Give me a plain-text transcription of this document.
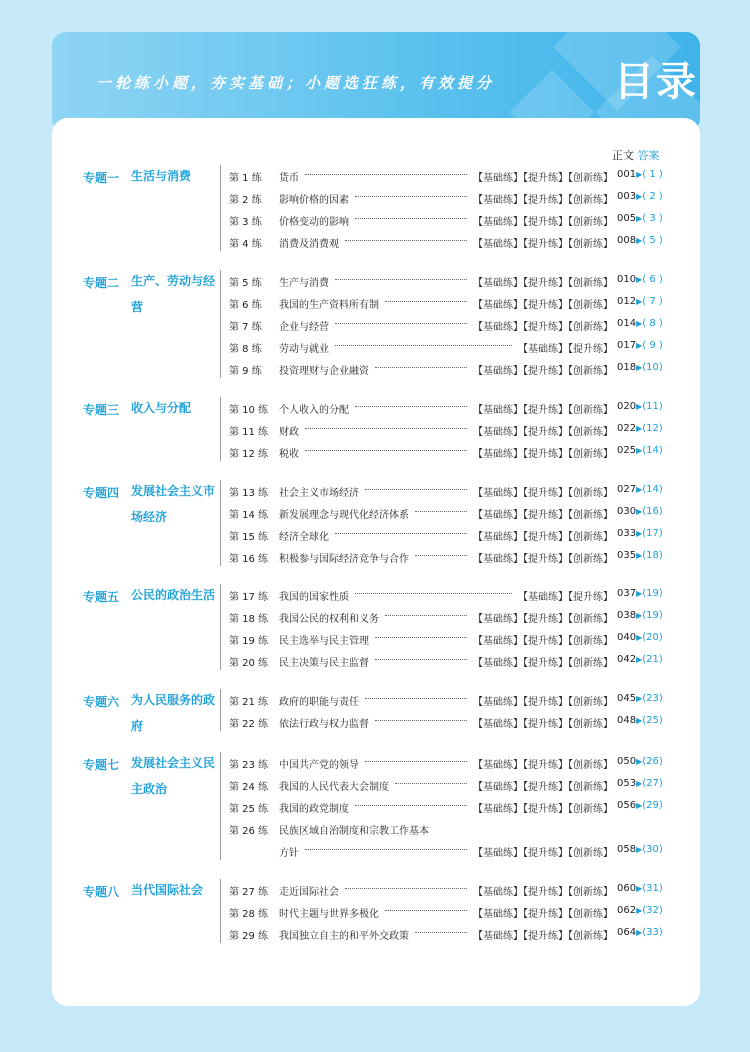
一轮练小题，夯实基础；小题选狂练，有效提分	目录
正文 答案
专题一 生活与消费	第 1 练 货币	【基础练】【提升练】【创新练】 001▶( 1 )
第 2 练 影响价格的因素	【基础练】【提升练】【创新练】 003▶( 2 )
第 3 练 价格变动的影响	【基础练】【提升练】【创新练】 005▶( 3 )
第 4 练 消费及消费观	【基础练】【提升练】【创新练】 008▶( 5 )
专题二 生产、劳动与经营
第 5 练 生产与消费	【基础练】【提升练】【创新练】 010▶( 6 )
第 6 练 我国的生产资料所有制	【基础练】【提升练】【创新练】 012▶( 7 )
第 7 练 企业与经营	【基础练】【提升练】【创新练】 014▶( 8 )
第 8 练 劳动与就业	【基础练】【提升练】 017▶( 9 )
第 9 练 投资理财与企业融资	【基础练】【提升练】【创新练】 018▶(10)
专题三 收入与分配	第 10 练 个人收入的分配	【基础练】【提升练】【创新练】 020▶(11)
第 11 练 财政	【基础练】【提升练】【创新练】 022▶(12)
第 12 练 税收	【基础练】【提升练】【创新练】 025▶(14)
专题四 发展社会主义市场经济
第 13 练 社会主义市场经济	【基础练】【提升练】【创新练】 027▶(14)
第 14 练 新发展理念与现代化经济体系	【基础练】【提升练】【创新练】 030▶(16)
第 15 练 经济全球化	【基础练】【提升练】【创新练】 033▶(17)
第 16 练 积极参与国际经济竞争与合作	【基础练】【提升练】【创新练】 035▶(18)
专题五 公民的政治生活 第 17 练 我国的国家性质	【基础练】【提升练】 037▶(19)
第 18 练 我国公民的权利和义务	【基础练】【提升练】【创新练】 038▶(19)
第 19 练 民主选举与民主管理	【基础练】【提升练】【创新练】 040▶(20)
第 20 练 民主决策与民主监督	【基础练】【提升练】【创新练】 042▶(21)
专题六 为人民服务的政府
第 21 练 政府的职能与责任	【基础练】【提升练】【创新练】 045▶(23)
第 22 练 依法行政与权力监督	【基础练】【提升练】【创新练】 048▶(25)
专题七 发展社会主义民主政治
第 23 练 中国共产党的领导	【基础练】【提升练】【创新练】 050▶(26)
第 24 练 我国的人民代表大会制度	【基础练】【提升练】【创新练】 053▶(27)
第 25 练 我国的政党制度	【基础练】【提升练】【创新练】 056▶(29)
第 26 练 民族区域自治制度和宗教工作基本
方针	【基础练】【提升练】【创新练】 058▶(30)
专题八 当代国际社会	第 27 练 走近国际社会	【基础练】【提升练】【创新练】 060▶(31)
第 28 练 时代主题与世界多极化	【基础练】【提升练】【创新练】 062▶(32)
第 29 练 我国独立自主的和平外交政策	【基础练】【提升练】【创新练】 064▶(33)
